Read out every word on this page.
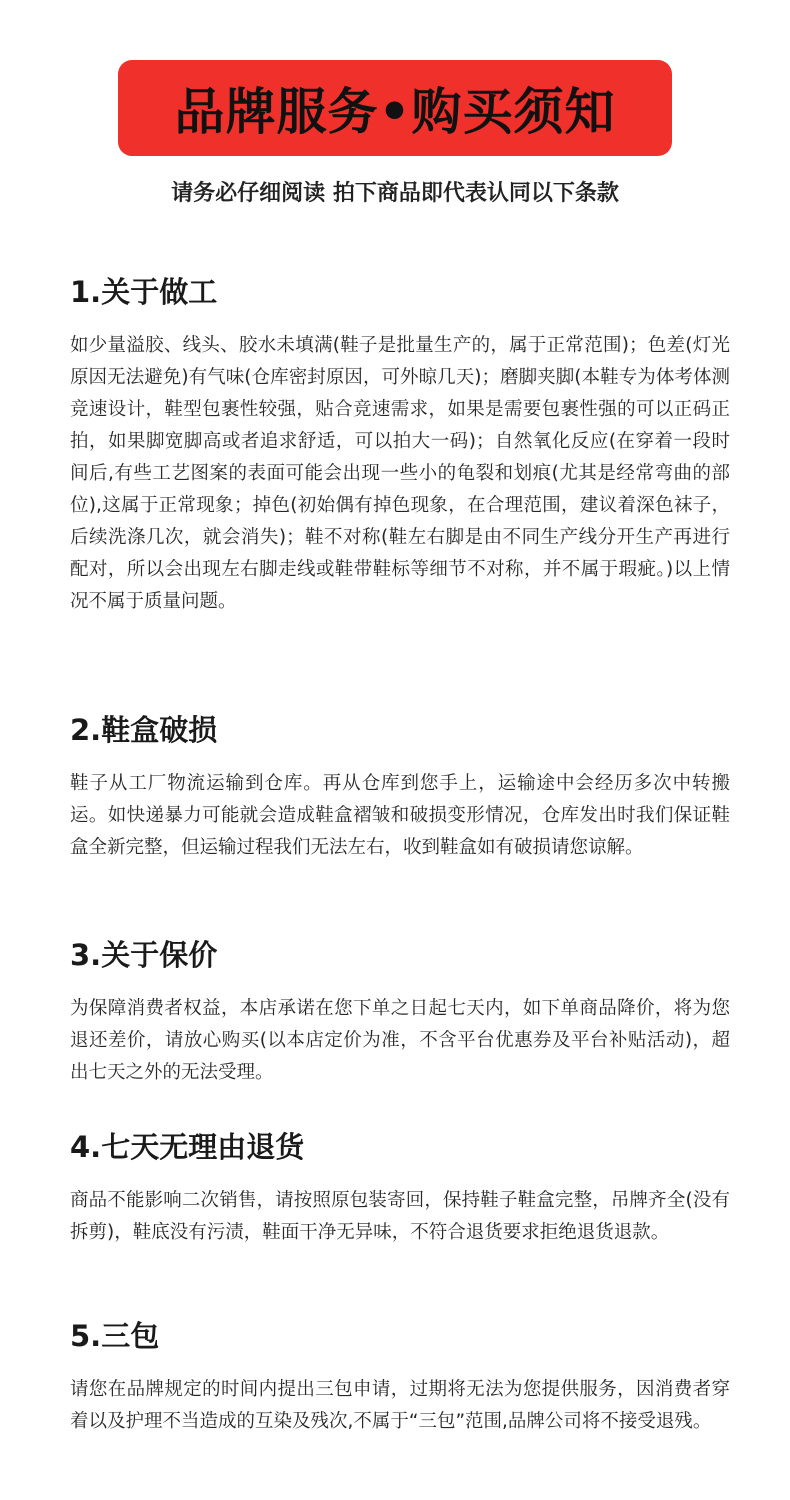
品牌服务•购买须知
请务必仔细阅读 拍下商品即代表认同以下条款
1.关于做工

如少量溢胶、线头、胶水未填满(鞋子是批量生产的，属于正常范围)；色差(灯光原因无法避免)有气味(仓库密封原因，可外晾几天)；磨脚夹脚(本鞋专为体考体测竞速设计，鞋型包裹性较强，贴合竞速需求，如果是需要包裹性强的可以正码正拍，如果脚宽脚高或者追求舒适，可以拍大一码)；自然氧化反应(在穿着一段时间后,有些工艺图案的表面可能会出现一些小的龟裂和划痕(尤其是经常弯曲的部位),这属于正常现象；掉色(初始偶有掉色现象，在合理范围，建议着深色袜子，后续洗涤几次，就会消失)；鞋不对称(鞋左右脚是由不同生产线分开生产再进行配对，所以会出现左右脚走线或鞋带鞋标等细节不对称，并不属于瑕疵。)以上情况不属于质量问题。

2.鞋盒破损

鞋子从工厂物流运输到仓库。再从仓库到您手上，运输途中会经历多次中转搬运。如快递暴力可能就会造成鞋盒褶皱和破损变形情况，仓库发出时我们保证鞋盒全新完整，但运输过程我们无法左右，收到鞋盒如有破损请您谅解。

3.关于保价

为保障消费者权益，本店承诺在您下单之日起七天内，如下单商品降价，将为您退还差价，请放心购买(以本店定价为准，不含平台优惠券及平台补贴活动)，超出七天之外的无法受理。

4.七天无理由退货

商品不能影响二次销售，请按照原包装寄回，保持鞋子鞋盒完整，吊牌齐全(没有拆剪)，鞋底没有污渍，鞋面干净无异味，不符合退货要求拒绝退货退款。

5.三包

请您在品牌规定的时间内提出三包申请，过期将无法为您提供服务，因消费者穿着以及护理不当造成的互染及残次,不属于“三包”范围,品牌公司将不接受退残。
